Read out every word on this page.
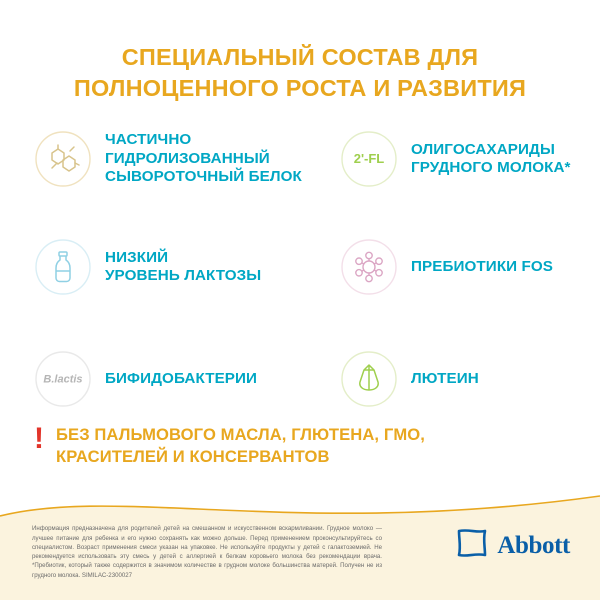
СПЕЦИАЛЬНЫЙ СОСТАВ ДЛЯ
ПОЛНОЦЕННОГО РОСТА И РАЗВИТИЯ
ЧАСТИЧНО
ГИДРОЛИЗОВАННЫЙ
СЫВОРОТОЧНЫЙ БЕЛОК
2'-FL
ОЛИГОСАХАРИДЫ
ГРУДНОГО МОЛОКА*
НИЗКИЙ
УРОВЕНЬ ЛАКТОЗЫ
ПРЕБИОТИКИ FOS
B.lactis БИФИДОБАКТЕРИИ	ЛЮТЕИН
! БЕЗ ПАЛЬМОВОГО МАСЛА, ГЛЮТЕНА, ГМО,
КРАСИТЕЛЕЙ И КОНСЕРВАНТОВ

Информация предназначена для родителей детей на смешанном и искусственном вскармливании. Грудное молоко — лучшее питание для ребенка и его нужно сохранять как можно дольше. Перед применением проконсультируйтесь со специалистом. Возраст применения смеси указан на упаковке. Не используйте продукты у детей с галактоземией. Не рекомендуется использовать эту смесь у детей с аллергией к белкам коровьего молока без рекомендации врача. *Пребиотик, который также содержится в значимом количестве в грудном молоке большинства матерей. Получен не из грудного молока. SIMILAC-2300027

Abbott
